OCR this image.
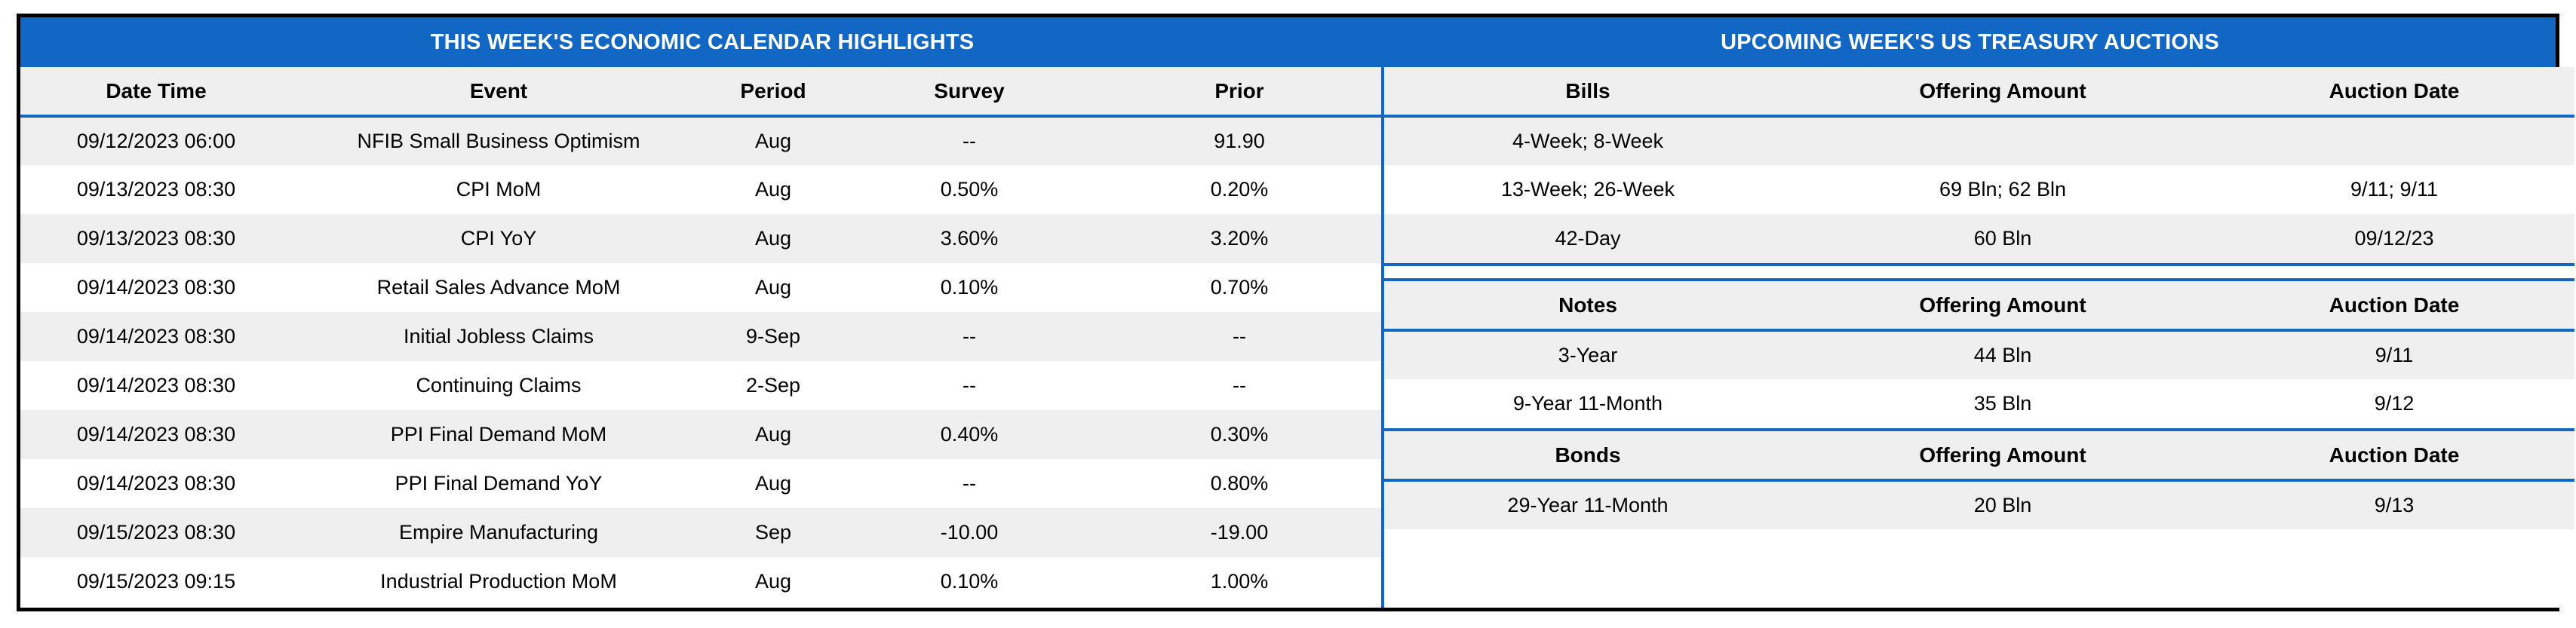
THIS WEEK'S ECONOMIC CALENDAR HIGHLIGHTS	UPCOMING WEEK'S US TREASURY AUCTIONS
Date Time	Event	Period	Survey	Prior
09/12/2023 06:00	NFIB Small Business Optimism	Aug	--	91.90
09/13/2023 08:30	CPI MoM	Aug	0.50%	0.20%
09/13/2023 08:30	CPI YoY	Aug	3.60%	3.20%
09/14/2023 08:30	Retail Sales Advance MoM	Aug	0.10%	0.70%
09/14/2023 08:30	Initial Jobless Claims	9-Sep	--	--
09/14/2023 08:30	Continuing Claims	2-Sep	--	--
09/14/2023 08:30	PPI Final Demand MoM	Aug	0.40%	0.30%
09/14/2023 08:30	PPI Final Demand YoY	Aug	--	0.80%
09/15/2023 08:30	Empire Manufacturing	Sep	-10.00	-19.00
09/15/2023 09:15	Industrial Production MoM	Aug	0.10%	1.00%
Bills	Offering Amount	Auction Date
4-Week; 8-Week		
13-Week; 26-Week	69 Bln; 62 Bln	9/11; 9/11
42-Day	60 Bln	09/12/23
Notes	Offering Amount	Auction Date
3-Year	44 Bln	9/11
9-Year 11-Month	35 Bln	9/12
Bonds	Offering Amount	Auction Date
29-Year 11-Month	20 Bln	9/13
